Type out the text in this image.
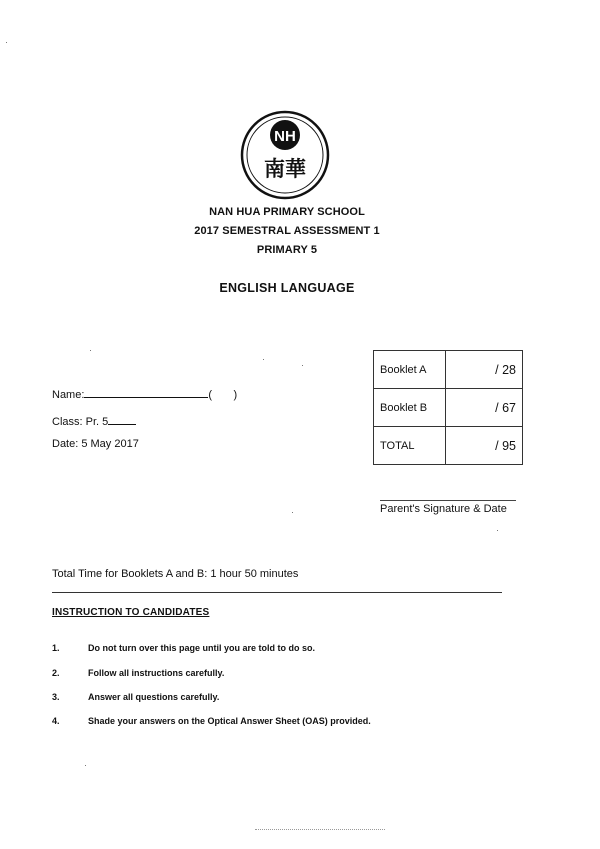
NH
南華
NAN HUA PRIMARY SCHOOL
2017 SEMESTRAL ASSESSMENT 1
PRIMARY 5
ENGLISH LANGUAGE
Name:	( )
Class: Pr. 5
Date: 5 May 2017
Booklet A	/ 28
Booklet B	/ 67
TOTAL	/ 95
Parent's Signature & Date
Total Time for Booklets A and B: 1 hour 50 minutes
INSTRUCTION TO CANDIDATES
1.	Do not turn over this page until you are told to do so.
2.	Follow all instructions carefully.
3.	Answer all questions carefully.
4.	Shade your answers on the Optical Answer Sheet (OAS) provided.
